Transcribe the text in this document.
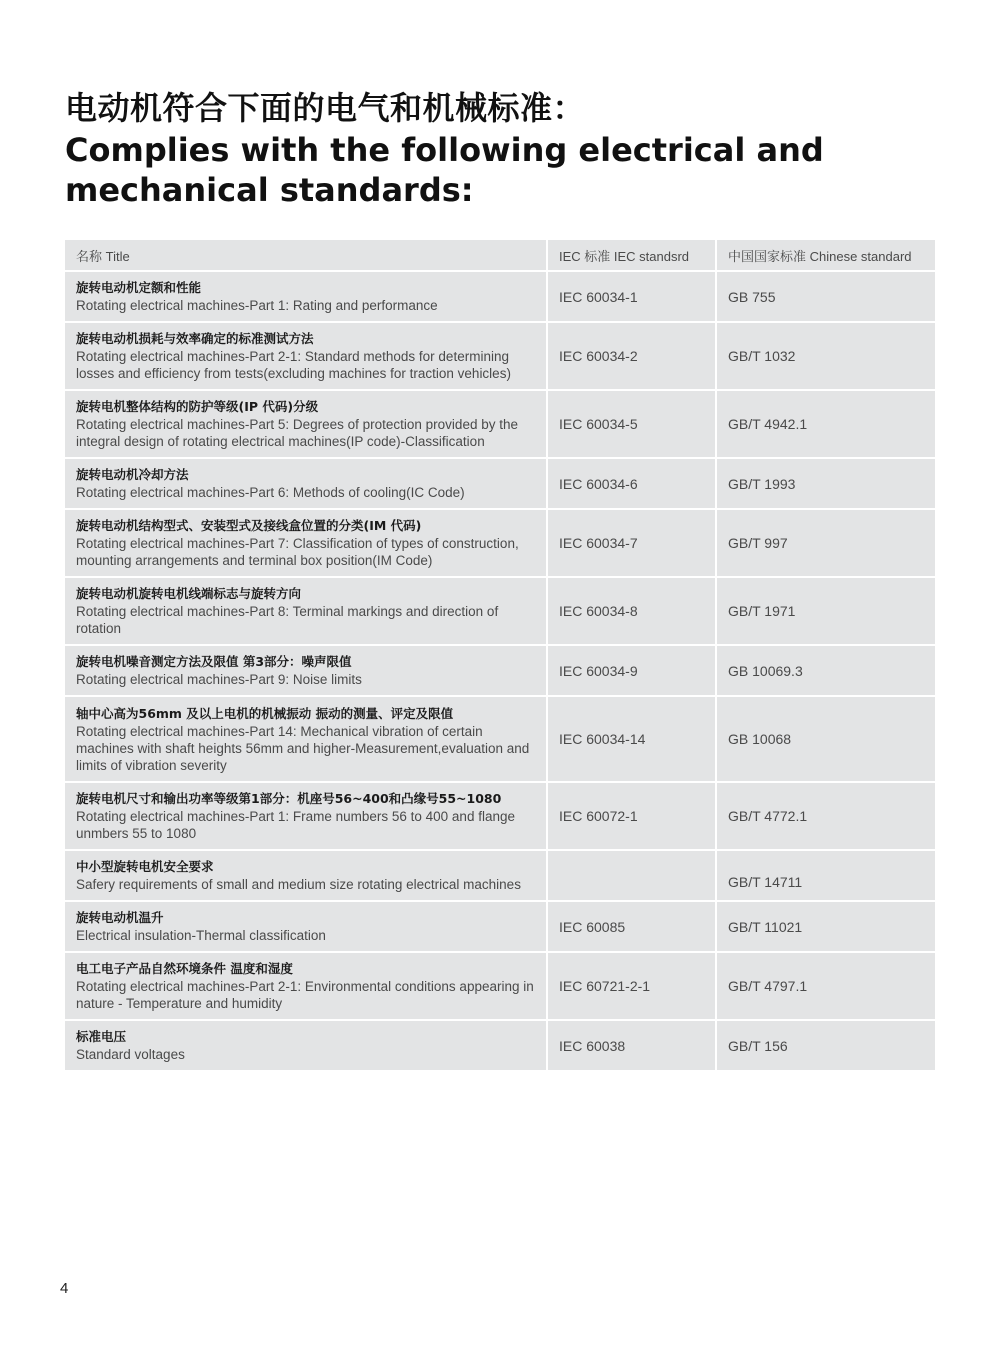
电动机符合下面的电气和机械标准：
Complies with the following electrical and mechanical standards:
名称 Title	IEC 标准 IEC standsrd	中国国家标准 Chinese standard

旋转电动机定额和性能
Rotating electrical machines-Part 1: Rating and performance	IEC 60034-1	GB 755

旋转电动机损耗与效率确定的标准测试方法
Rotating electrical machines-Part 2-1: Standard methods for determining losses and efficiency from tests(excluding machines for traction vehicles)	IEC 60034-2	GB/T 1032

旋转电机整体结构的防护等级(IP 代码)分级
Rotating electrical machines-Part 5: Degrees of protection provided by the integral design of rotating electrical machines(IP code)-Classification	IEC 60034-5	GB/T 4942.1

旋转电动机冷却方法
Rotating electrical machines-Part 6: Methods of cooling(IC Code)	IEC 60034-6	GB/T 1993

旋转电动机结构型式、安装型式及接线盒位置的分类(IM 代码)
Rotating electrical machines-Part 7: Classification of types of construction, mounting arrangements and terminal box position(IM Code)	IEC 60034-7	GB/T 997

旋转电动机旋转电机线端标志与旋转方向
Rotating electrical machines-Part 8: Terminal markings and direction of rotation	IEC 60034-8	GB/T 1971

旋转电机噪音测定方法及限值 第3部分：噪声限值
Rotating electrical machines-Part 9: Noise limits	IEC 60034-9	GB 10069.3

轴中心高为56mm 及以上电机的机械振动 振动的测量、评定及限值
Rotating electrical machines-Part 14: Mechanical vibration of certain machines with shaft heights 56mm and higher-Measurement,evaluation and limits of vibration severity	IEC 60034-14	GB 10068

旋转电机尺寸和输出功率等级第1部分：机座号56~400和凸缘号55~1080
Rotating electrical machines-Part 1: Frame numbers 56 to 400 and flange unmbers 55 to 1080	IEC 60072-1	GB/T 4772.1

中小型旋转电机安全要求
Safery requirements of small and medium size rotating electrical machines		GB/T 14711

旋转电动机温升
Electrical insulation-Thermal classification	IEC 60085	GB/T 11021

电工电子产品自然环境条件 温度和湿度
Rotating electrical machines-Part 2-1: Environmental conditions appearing in nature - Temperature and humidity	IEC 60721-2-1	GB/T 4797.1

标准电压
Standard voltages	IEC 60038	GB/T 156
4
